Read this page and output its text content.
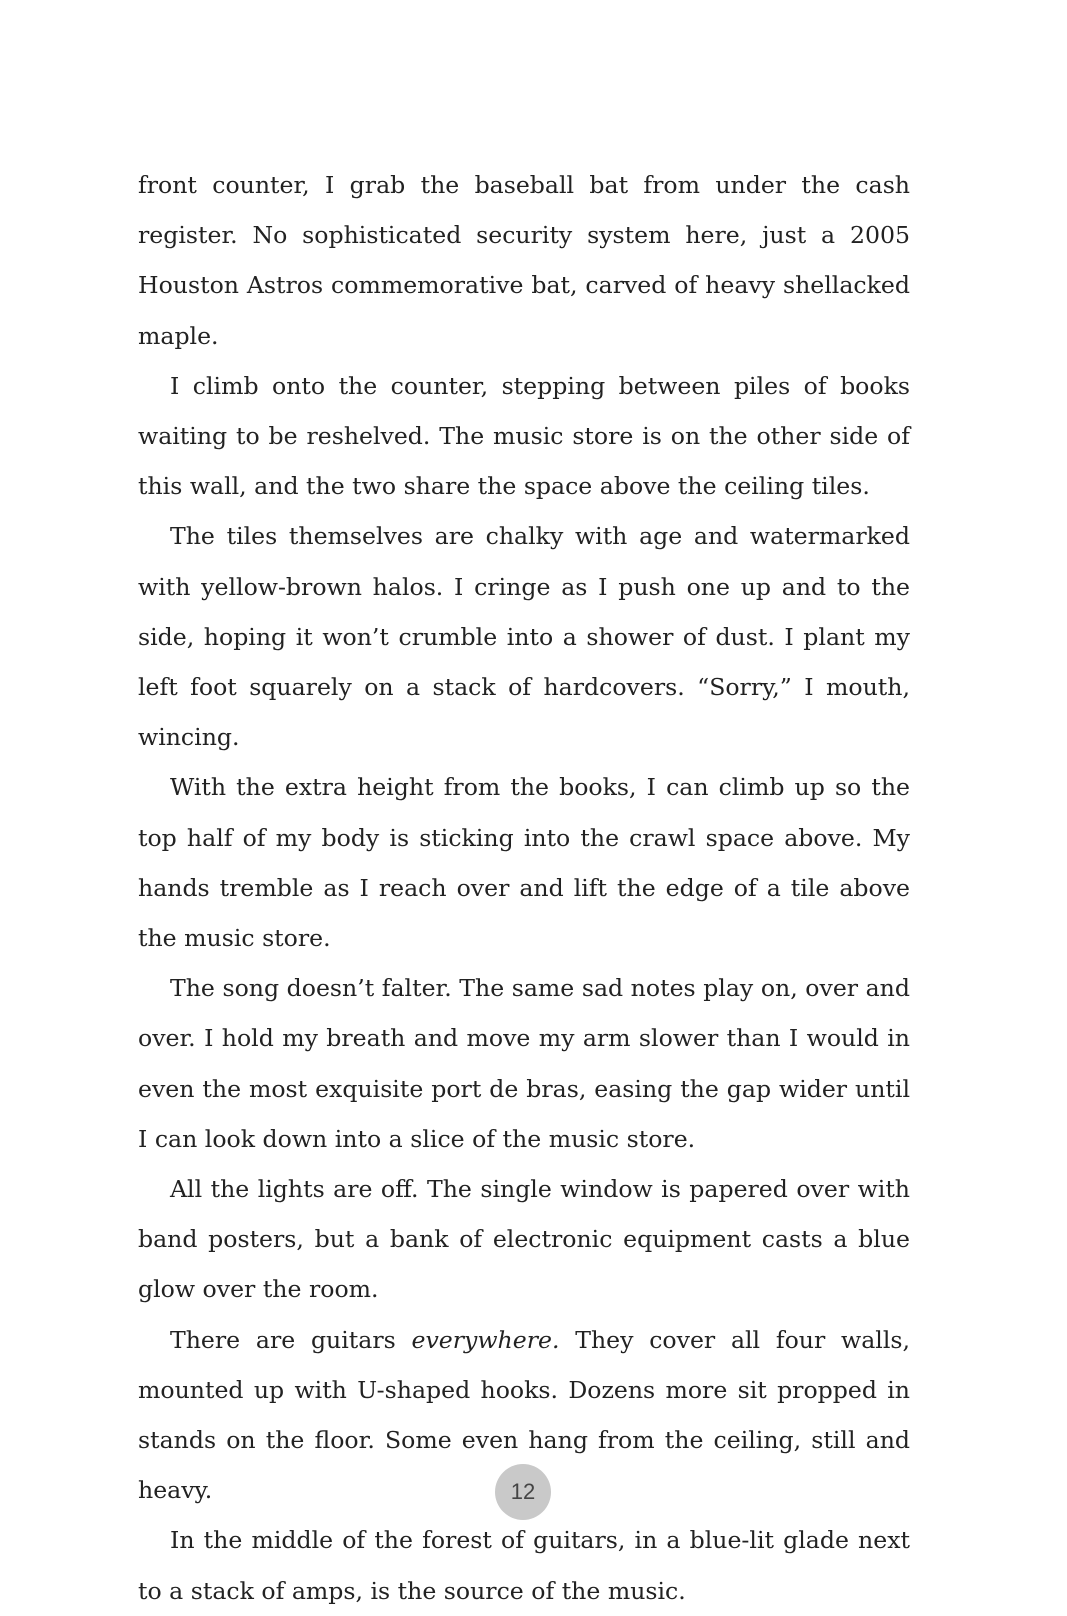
front counter, I grab the baseball bat from under the cash register. No sophisticated security system here, just a 2005 Houston Astros commemorative bat, carved of heavy shellacked maple.

I climb onto the counter, stepping between piles of books waiting to be reshelved. The music store is on the other side of this wall, and the two share the space above the ceiling tiles.

The tiles themselves are chalky with age and watermarked with yellow-brown halos. I cringe as I push one up and to the side, hoping it won’t crumble into a shower of dust. I plant my left foot squarely on a stack of hardcovers. “Sorry,” I mouth, wincing.

With the extra height from the books, I can climb up so the top half of my body is sticking into the crawl space above. My hands tremble as I reach over and lift the edge of a tile above the music store.

The song doesn’t falter. The same sad notes play on, over and over. I hold my breath and move my arm slower than I would in even the most exquisite port de bras, easing the gap wider until I can look down into a slice of the music store.

All the lights are off. The single window is papered over with band posters, but a bank of electronic equipment casts a blue glow over the room.

There are guitars everywhere. They cover all four walls, mounted up with U-shaped hooks. Dozens more sit propped in stands on the floor. Some even hang from the ceiling, still and heavy.

In the middle of the forest of guitars, in a blue-lit glade next to a stack of amps, is the source of the music.

12
